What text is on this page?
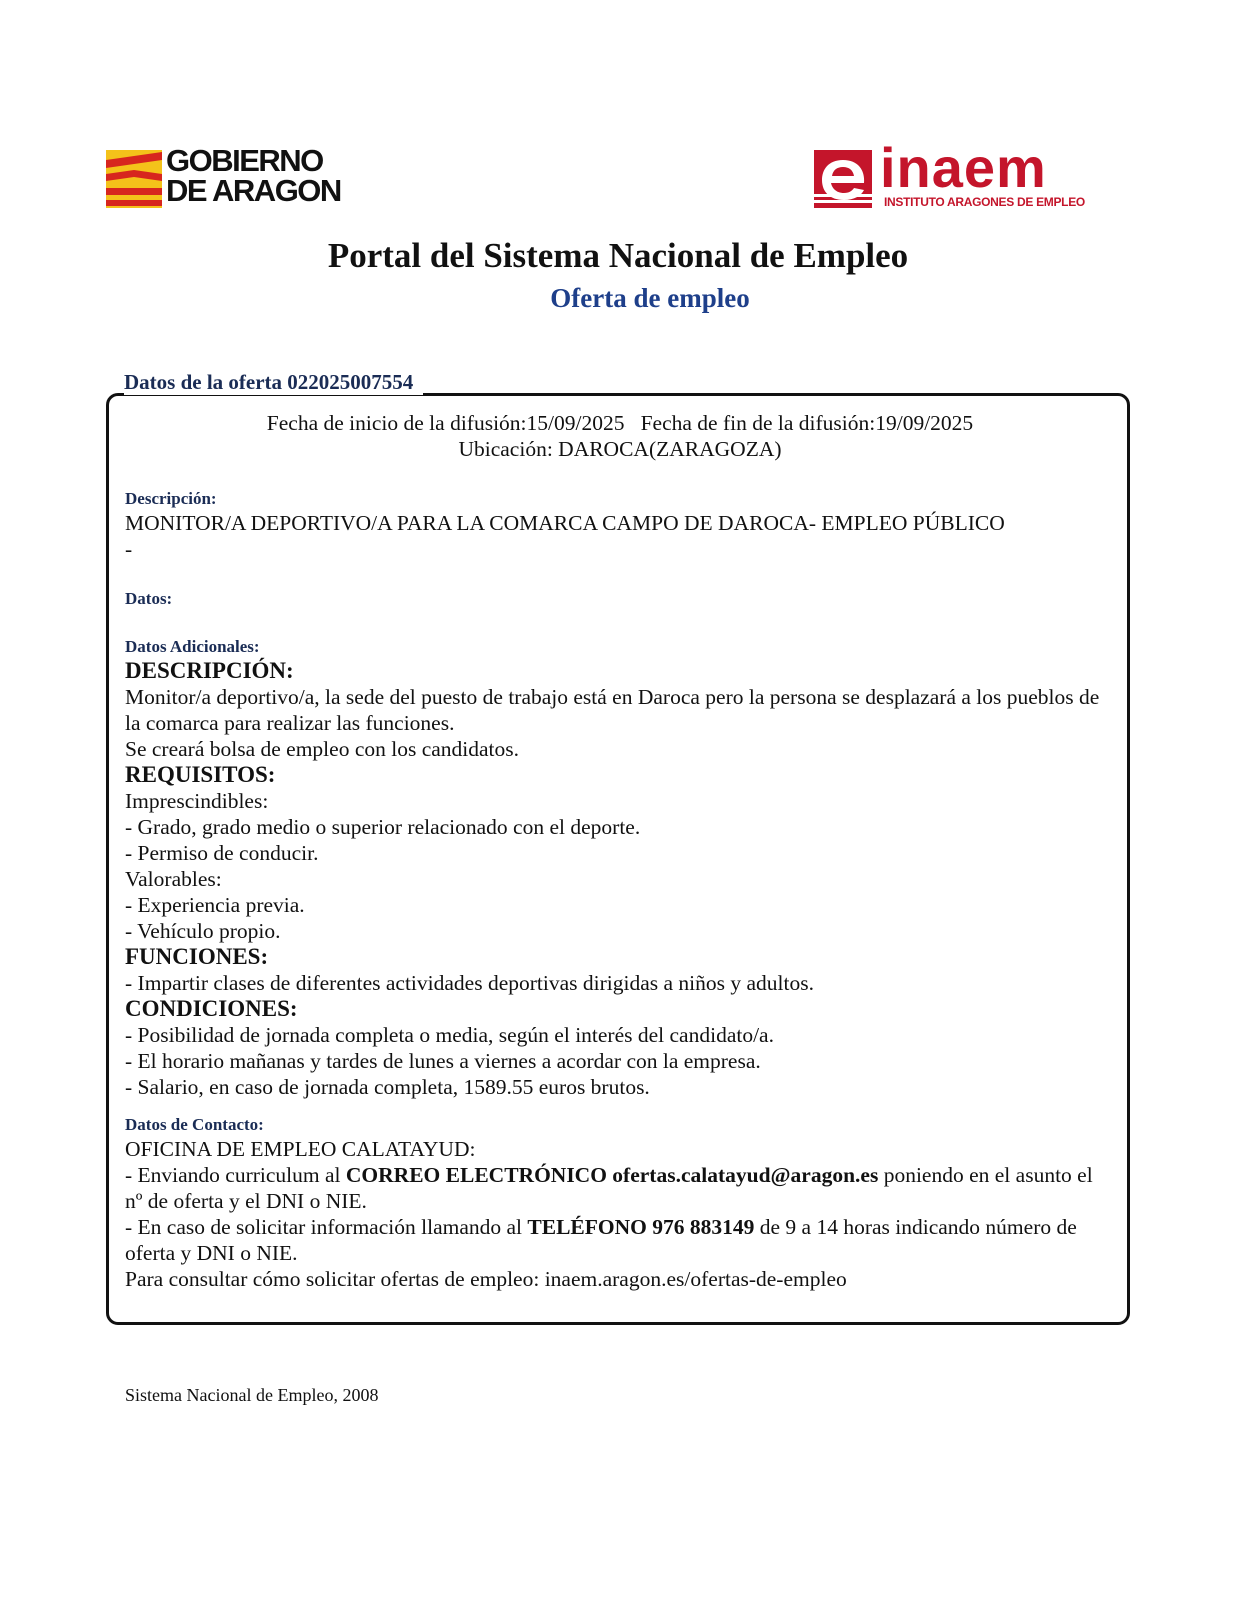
GOBIERNO
DE ARAGON	inaem
INSTITUTO ARAGONES DE EMPLEO
Portal del Sistema Nacional de Empleo
Oferta de empleo
Datos de la oferta 022025007554
Fecha de inicio de la difusión:15/09/2025   Fecha de fin de la difusión:19/09/2025
Ubicación: DAROCA(ZARAGOZA)
Descripción:
MONITOR/A DEPORTIVO/A PARA LA COMARCA CAMPO DE DAROCA- EMPLEO PÚBLICO
-
Datos:
Datos Adicionales:
DESCRIPCIÓN:
Monitor/a deportivo/a, la sede del puesto de trabajo está en Daroca pero la persona se desplazará a los pueblos de la comarca para realizar las funciones.
Se creará bolsa de empleo con los candidatos.
REQUISITOS:
Imprescindibles:
- Grado, grado medio o superior relacionado con el deporte.
- Permiso de conducir.
Valorables:
- Experiencia previa.
- Vehículo propio.
FUNCIONES:
- Impartir clases de diferentes actividades deportivas dirigidas a niños y adultos.
CONDICIONES:
- Posibilidad de jornada completa o media, según el interés del candidato/a.
- El horario mañanas y tardes de lunes a viernes a acordar con la empresa.
- Salario, en caso de jornada completa, 1589.55 euros brutos.
Datos de Contacto:
OFICINA DE EMPLEO CALATAYUD:
- Enviando curriculum al CORREO ELECTRÓNICO ofertas.calatayud@aragon.es poniendo en el asunto el nº de oferta y el DNI o NIE.
- En caso de solicitar información llamando al TELÉFONO 976 883149 de 9 a 14 horas indicando número de oferta y DNI o NIE.
Para consultar cómo solicitar ofertas de empleo: inaem.aragon.es/ofertas-de-empleo
Sistema Nacional de Empleo, 2008
